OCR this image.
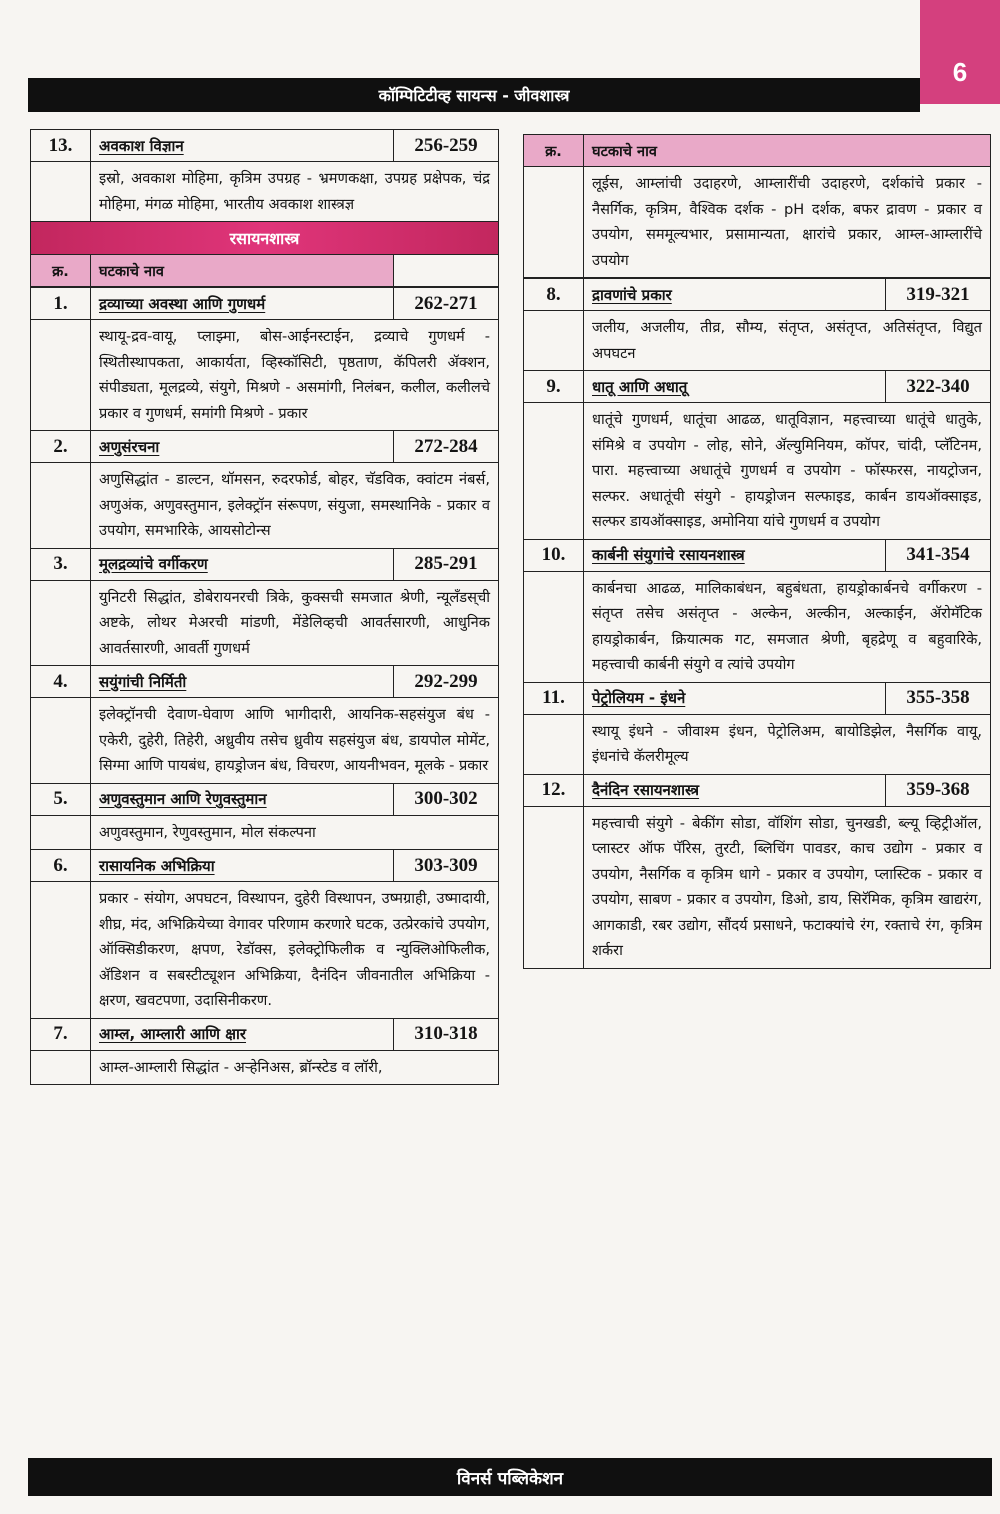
6
कॉम्पिटिटीव्ह सायन्स - जीवशास्त्र
13.	अवकाश विज्ञान	256-259
इस्रो, अवकाश मोहिमा, कृत्रिम उपग्रह - भ्रमणकक्षा, उपग्रह प्रक्षेपक, चंद्र मोहिमा, मंगळ मोहिमा, भारतीय अवकाश शास्त्रज्ञ
रसायनशास्त्र
क्र.	घटकाचे नाव
1.	द्रव्याच्या अवस्था आणि गुणधर्म	262-271
स्थायू-द्रव-वायू, प्लाझ्मा, बोस-आईनस्टाईन, द्रव्याचे गुणधर्म - स्थितीस्थापकता, आकार्यता, व्हिस्कॉसिटी, पृष्ठताण, कॅपिलरी ॲक्शन, संपीड्यता, मूलद्रव्ये, संयुगे, मिश्रणे - असमांगी, निलंबन, कलील, कलीलचे प्रकार व गुणधर्म, समांगी मिश्रणे - प्रकार
2.	अणुसंरचना	272-284
अणुसिद्धांत - डाल्टन, थॉमसन, रुदरफोर्ड, बोहर, चॅडविक, क्वांटम नंबर्स, अणुअंक, अणुवस्तुमान, इलेक्ट्रॉन संरूपण, संयुजा, समस्थानिके - प्रकार व उपयोग, समभारिके, आयसोटोन्स
3.	मूलद्रव्यांचे वर्गीकरण	285-291
युनिटरी सिद्धांत, डोबेरायनरची त्रिके, कुक्सची समजात श्रेणी, न्यूलँडस्‌ची अष्टके, लोथर मेअरची मांडणी, मेंडेलिव्हची आवर्तसारणी, आधुनिक आवर्तसारणी, आवर्ती गुणधर्म
4.	सयुंगांची निर्मिती	292-299
इलेक्ट्रॉनची देवाण-घेवाण आणि भागीदारी, आयनिक-सहसंयुज बंध - एकेरी, दुहेरी, तिहेरी, अध्रुवीय तसेच ध्रुवीय सहसंयुज बंध, डायपोल मोमेंट, सिग्मा आणि पायबंध, हायड्रोजन बंध, विचरण, आयनीभवन, मूलके - प्रकार
5.	अणुवस्तुमान आणि रेणुवस्तुमान	300-302
अणुवस्तुमान, रेणुवस्तुमान, मोल संकल्पना
6.	रासायनिक अभिक्रिया	303-309
प्रकार - संयोग, अपघटन, विस्थापन, दुहेरी विस्थापन, उष्मग्राही, उष्मादायी, शीघ्र, मंद, अभिक्रियेच्या वेगावर परिणाम करणारे घटक, उत्प्रेरकांचे उपयोग, ऑक्सिडीकरण, क्षपण, रेडॉक्स, इलेक्ट्रोफिलीक व न्युक्लिओफिलीक, ॲडिशन व सबस्टीट्यूशन अभिक्रिया, दैनंदिन जीवनातील अभिक्रिया - क्षरण, खवटपणा, उदासिनीकरण.
7.	आम्ल, आम्लारी आणि क्षार	310-318
आम्ल-आम्लारी सिद्धांत - अऱ्हेनिअस, ब्रॉन्स्टेड व लॉरी,
क्र.	घटकाचे नाव
लूईस, आम्लांची उदाहरणे, आम्लारींची उदाहरणे, दर्शकांचे प्रकार - नैसर्गिक, कृत्रिम, वैश्विक दर्शक - pH दर्शक, बफर द्रावण - प्रकार व उपयोग, सममूल्यभार, प्रसामान्यता, क्षारांचे प्रकार, आम्ल-आम्लारींचे उपयोग
8.	द्रावणांचे प्रकार	319-321
जलीय, अजलीय, तीव्र, सौम्य, संतृप्त, असंतृप्त, अतिसंतृप्त, विद्युत अपघटन
9.	धातू आणि अधातू	322-340
धातूंचे गुणधर्म, धातूंचा आढळ, धातूविज्ञान, महत्त्वाच्या धातूंचे धातुके, संमिश्रे व उपयोग - लोह, सोने, ॲल्युमिनियम, कॉपर, चांदी, प्लॅटिनम, पारा. महत्त्वाच्या अधातूंचे गुणधर्म व उपयोग - फॉस्फरस, नायट्रोजन, सल्फर. अधातूंची संयुगे - हायड्रोजन सल्फाइड, कार्बन डायऑक्साइड, सल्फर डायऑक्साइड, अमोनिया यांचे गुणधर्म व उपयोग
10.	कार्बनी संयुगांचे रसायनशास्त्र	341-354
कार्बनचा आढळ, मालिकाबंधन, बहुबंधता, हायड्रोकार्बनचे वर्गीकरण - संतृप्त तसेच असंतृप्त - अल्केन, अल्कीन, अल्काईन, ॲरोमॅटिक हायड्रोकार्बन, क्रियात्मक गट, समजात श्रेणी, बृहद्रेणू व बहुवारिके, महत्त्वाची कार्बनी संयुगे व त्यांचे उपयोग
11.	पेट्रोलियम - इंधने	355-358
स्थायू इंधने - जीवाश्म इंधन, पेट्रोलिअम, बायोडिझेल, नैसर्गिक वायू, इंधनांचे कॅलरीमूल्य
12.	दैनंदिन रसायनशास्त्र	359-368
महत्त्वाची संयुगे - बेकींग सोडा, वॉशिंग सोडा, चुनखडी, ब्ल्यू व्हिट्रीऑल, प्लास्टर ऑफ पॅरिस, तुरटी, ब्लिचिंग पावडर, काच उद्योग - प्रकार व उपयोग, नैसर्गिक व कृत्रिम धागे - प्रकार व उपयोग, प्लास्टिक - प्रकार व उपयोग, साबण - प्रकार व उपयोग, डिओ, डाय, सिरॅमिक, कृत्रिम खाद्यरंग, आगकाडी, रबर उद्योग, सौंदर्य प्रसाधने, फटाक्यांचे रंग, रक्ताचे रंग, कृत्रिम शर्करा
विनर्स पब्लिकेशन
